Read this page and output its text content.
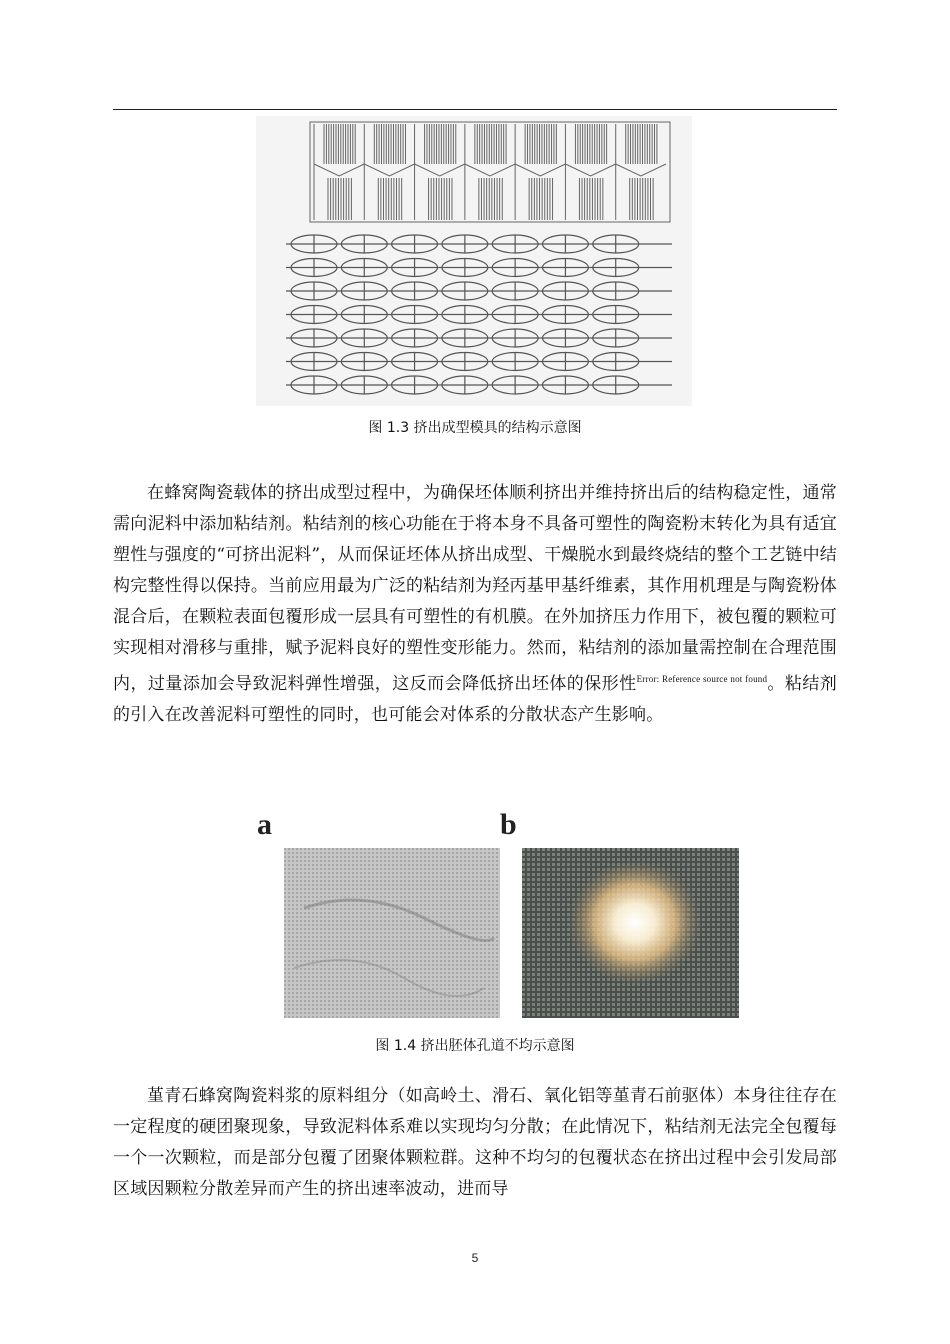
图 1.3 挤出成型模具的结构示意图

在蜂窝陶瓷载体的挤出成型过程中，为确保坯体顺利挤出并维持挤出后的结构稳定性，通常需向泥料中添加粘结剂。粘结剂的核心功能在于将本身不具备可塑性的陶瓷粉末转化为具有适宜塑性与强度的“可挤出泥料”，从而保证坯体从挤出成型、干燥脱水到最终烧结的整个工艺链中结构完整性得以保持。当前应用最为广泛的粘结剂为羟丙基甲基纤维素，其作用机理是与陶瓷粉体混合后，在颗粒表面包覆形成一层具有可塑性的有机膜。在外加挤压力作用下，被包覆的颗粒可实现相对滑移与重排，赋予泥料良好的塑性变形能力。然而，粘结剂的添加量需控制在合理范围内，过量添加会导致泥料弹性增强，这反而会降低挤出坯体的保形性$^{Error: Reference source not found}$。粘结剂的引入在改善泥料可塑性的同时，也可能会对体系的分散状态产生影响。

a	b
图 1.4 挤出胚体孔道不均示意图

堇青石蜂窝陶瓷料浆的原料组分（如高岭土、滑石、氧化铝等堇青石前驱体）本身往往存在一定程度的硬团聚现象，导致泥料体系难以实现均匀分散；在此情况下，粘结剂无法完全包覆每一个一次颗粒，而是部分包覆了团聚体颗粒群。这种不均匀的包覆状态在挤出过程中会引发局部区域因颗粒分散差异而产生的挤出速率波动，进而导

5
